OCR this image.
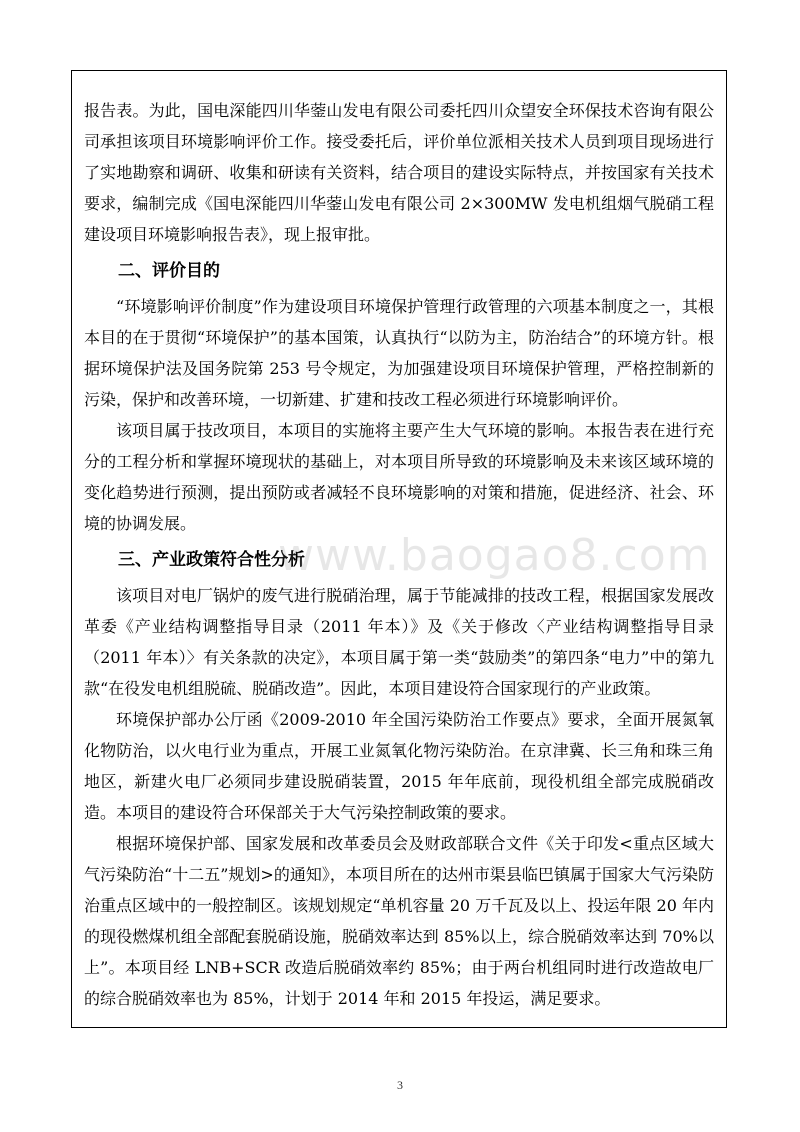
报告表。为此，国电深能四川华蓥山发电有限公司委托四川众望安全环保技术咨询有限公司承担该项目环境影响评价工作。接受委托后，评价单位派相关技术人员到项目现场进行了实地勘察和调研、收集和研读有关资料，结合项目的建设实际特点，并按国家有关技术要求，编制完成《国电深能四川华蓥山发电有限公司 2×300MW 发电机组烟气脱硝工程建设项目环境影响报告表》，现上报审批。

二、评价目的

“环境影响评价制度”作为建设项目环境保护管理行政管理的六项基本制度之一，其根本目的在于贯彻“环境保护”的基本国策，认真执行“以防为主，防治结合”的环境方针。根据环境保护法及国务院第 253 号令规定，为加强建设项目环境保护管理，严格控制新的污染，保护和改善环境，一切新建、扩建和技改工程必须进行环境影响评价。

该项目属于技改项目，本项目的实施将主要产生大气环境的影响。本报告表在进行充分的工程分析和掌握环境现状的基础上，对本项目所导致的环境影响及未来该区域环境的变化趋势进行预测，提出预防或者减轻不良环境影响的对策和措施，促进经济、社会、环境的协调发展。

三、产业政策符合性分析

该项目对电厂锅炉的废气进行脱硝治理，属于节能减排的技改工程，根据国家发展改革委《产业结构调整指导目录（2011 年本）》及《关于修改〈产业结构调整指导目录（2011 年本）〉有关条款的决定》，本项目属于第一类“鼓励类”的第四条“电力”中的第九款“在役发电机组脱硫、脱硝改造”。因此，本项目建设符合国家现行的产业政策。

环境保护部办公厅函《2009-2010 年全国污染防治工作要点》要求，全面开展氮氧化物防治，以火电行业为重点，开展工业氮氧化物污染防治。在京津冀、长三角和珠三角地区，新建火电厂必须同步建设脱硝装置，2015 年年底前，现役机组全部完成脱硝改造。本项目的建设符合环保部关于大气污染控制政策的要求。

根据环境保护部、国家发展和改革委员会及财政部联合文件《关于印发<重点区域大气污染防治“十二五”规划>的通知》，本项目所在的达州市渠县临巴镇属于国家大气污染防治重点区域中的一般控制区。该规划规定“单机容量 20 万千瓦及以上、投运年限 20 年内的现役燃煤机组全部配套脱硝设施，脱硝效率达到 85%以上，综合脱硝效率达到 70%以上”。本项目经 LNB+SCR 改造后脱硝效率约 85%；由于两台机组同时进行改造故电厂的综合脱硝效率也为 85%，计划于 2014 年和 2015 年投运，满足要求。

www.baogao8.com
3
